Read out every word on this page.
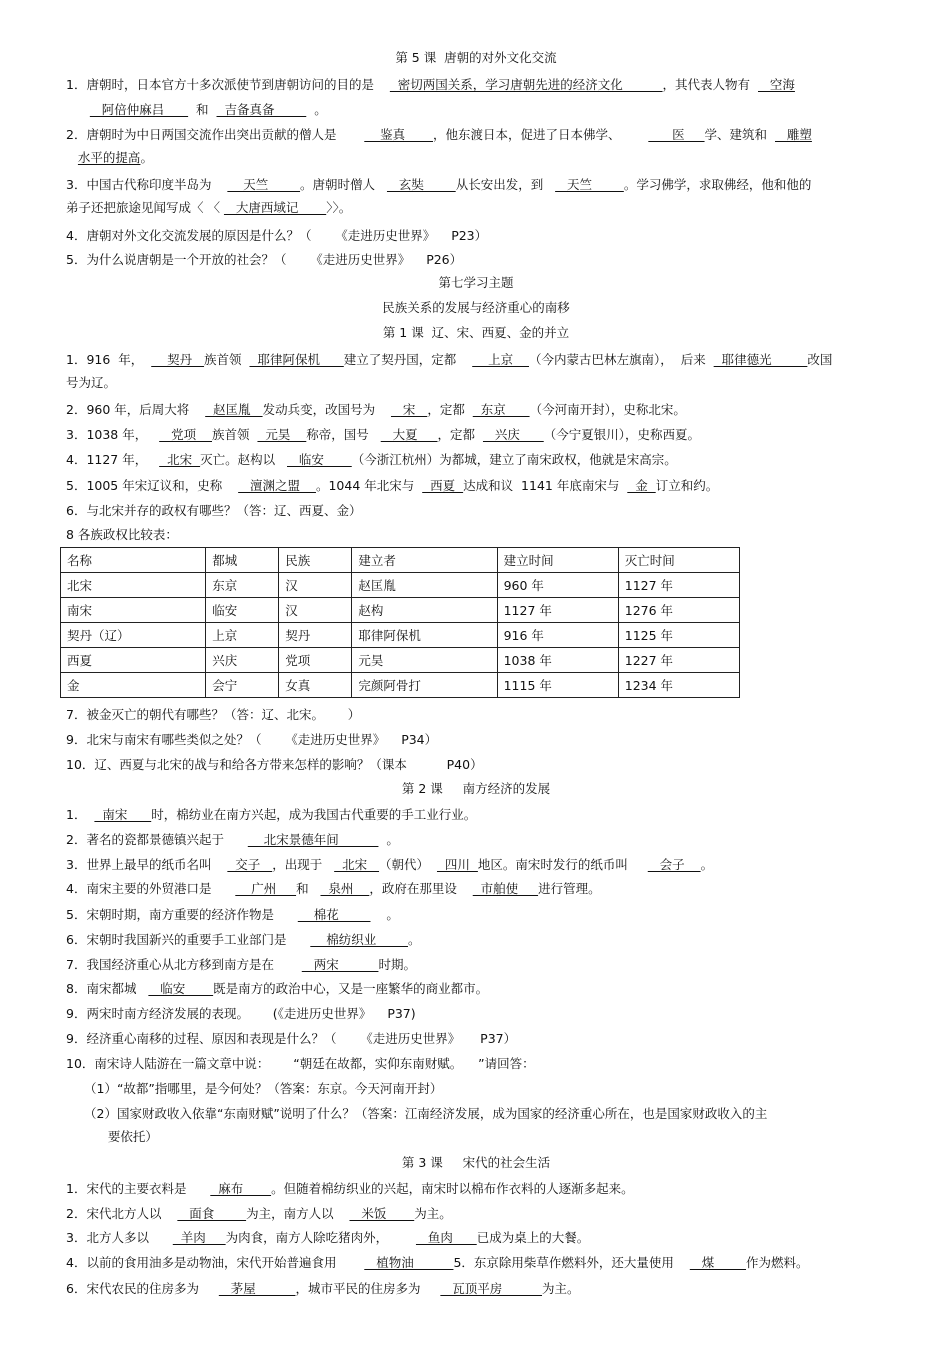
第 5 课  唐朝的对外文化交流
1．唐朝时，日本官方十多次派使节到唐朝访问的目的是      密切两国关系，学习唐朝先进的经济文化          ，其代表人物有     空海
阿倍仲麻吕        和    吉备真备          。
2．唐朝时为中日两国交流作出突出贡献的僧人是           鉴真       ，他东渡日本，促进了日本佛学、             医     学、建筑和     雕塑
水平的提高。
3．中国古代称印度半岛为        天竺        。唐朝时僧人      玄奘        从长安出发，到      天竺        。学习佛学，求取佛经，他和他的
弟子还把旅途见闻写成〈 〈    大唐西域记       〉〉。
4．唐朝对外文化交流发展的原因是什么？（      《走进历史世界》    P23）
5．为什么说唐朝是一个开放的社会？（      《走进历史世界》    P26）
第七学习主题
民族关系的发展与经济重心的南移
第 1 课  辽、宋、西夏、金的并立
1．916  年，      契丹   族首领    耶律阿保机      建立了契丹国，定都        上京    （今内蒙古巴林左旗南），  后来    耶律德光         改国
号为辽。
2．960 年，后周大将      赵匡胤   发动兵变，改国号为       宋   ，定都    东京      （今河南开封），史称北宋。
3．1038 年，      党项    族首领    元昊    称帝，国号      大夏     ，定都     兴庆      （今宁夏银川），史称西夏。
4．1127 年，     北宋  灭亡。赵构以      临安       （今浙江杭州）为都城，建立了南宋政权，他就是宋高宗。
5．1005 年宋辽议和，史称       澶渊之盟    。1044 年北宋与    西夏  达成和议  1141 年底南宋与    金  订立和约。
6．与北宋并存的政权有哪些？（答：辽、西夏、金）
8 各族政权比较表：
7．被金灭亡的朝代有哪些？（答：辽、北宋。      ）
9．北宋与南宋有哪些类似之处？（      《走进历史世界》    P34）
10．辽、西夏与北宋的战与和给各方带来怎样的影响？（课本          P40）
第 2 课     南方经济的发展
1．    南宋      时，棉纺业在南方兴起，成为我国古代重要的手工业行业。
2．著名的瓷都景德镇兴起于          北宋景德年间            。
3．世界上最早的纸币名叫      交子   ，出现于     北宋   （朝代）    四川  地区。南宋时发行的纸币叫        会子    。
4．南宋主要的外贸港口是          广州     和     泉州    ，政府在那里设      市舶使     进行管理。
5．宋朝时期，南方重要的经济作物是          棉花            。
6．宋朝时我国新兴的重要手工业部门是          棉纺织业        。
7．我国经济重心从北方移到南方是在          两宋          时期。
8．南宋都城      临安       既是南方的政治中心，又是一座繁华的商业都市。
9．两宋时南方经济发展的表现。      (《走进历史世界》    P37)
9．经济重心南移的过程、原因和表现是什么？（      《走进历史世界》     P37）
10．南宋诗人陆游在一篇文章中说：      “朝廷在故都，实仰东南财赋。    ”请回答：
（1）“故都”指哪里，是今何处？（答案：东京。今天河南开封）
（2）国家财政收入依靠“东南财赋”说明了什么？（答案：江南经济发展，成为国家的经济重心所在，也是国家财政收入的主
要依托）
第 3 课     宋代的社会生活
1．宋代的主要衣料是        麻布       。但随着棉纺织业的兴起，南宋时以棉布作衣料的人逐渐多起来。
2．宋代北方人以       面食        为主，南方人以       米饭       为主。
3．北方人多以        羊肉     为肉食，南方人除吃猪肉外，          鱼肉      已成为桌上的大餐。
4．以前的食用油多是动物油，宋代开始普遍食用          植物油          5．东京除用柴草作燃料外，还大量使用       煤        作为燃料。
6．宋代农民的住房多为        茅屋          ，城市平民的住房多为        瓦顶平房          为主。
名称	都城	民族	建立者	建立时间	灭亡时间
北宋	东京	汉	赵匡胤	960 年	1127 年
南宋	临安	汉	赵构	1127 年	1276 年
契丹（辽）	上京	契丹	耶律阿保机	916 年	1125 年
西夏	兴庆	党项	元昊	1038 年	1227 年
金	会宁	女真	完颜阿骨打	1115 年	1234 年
